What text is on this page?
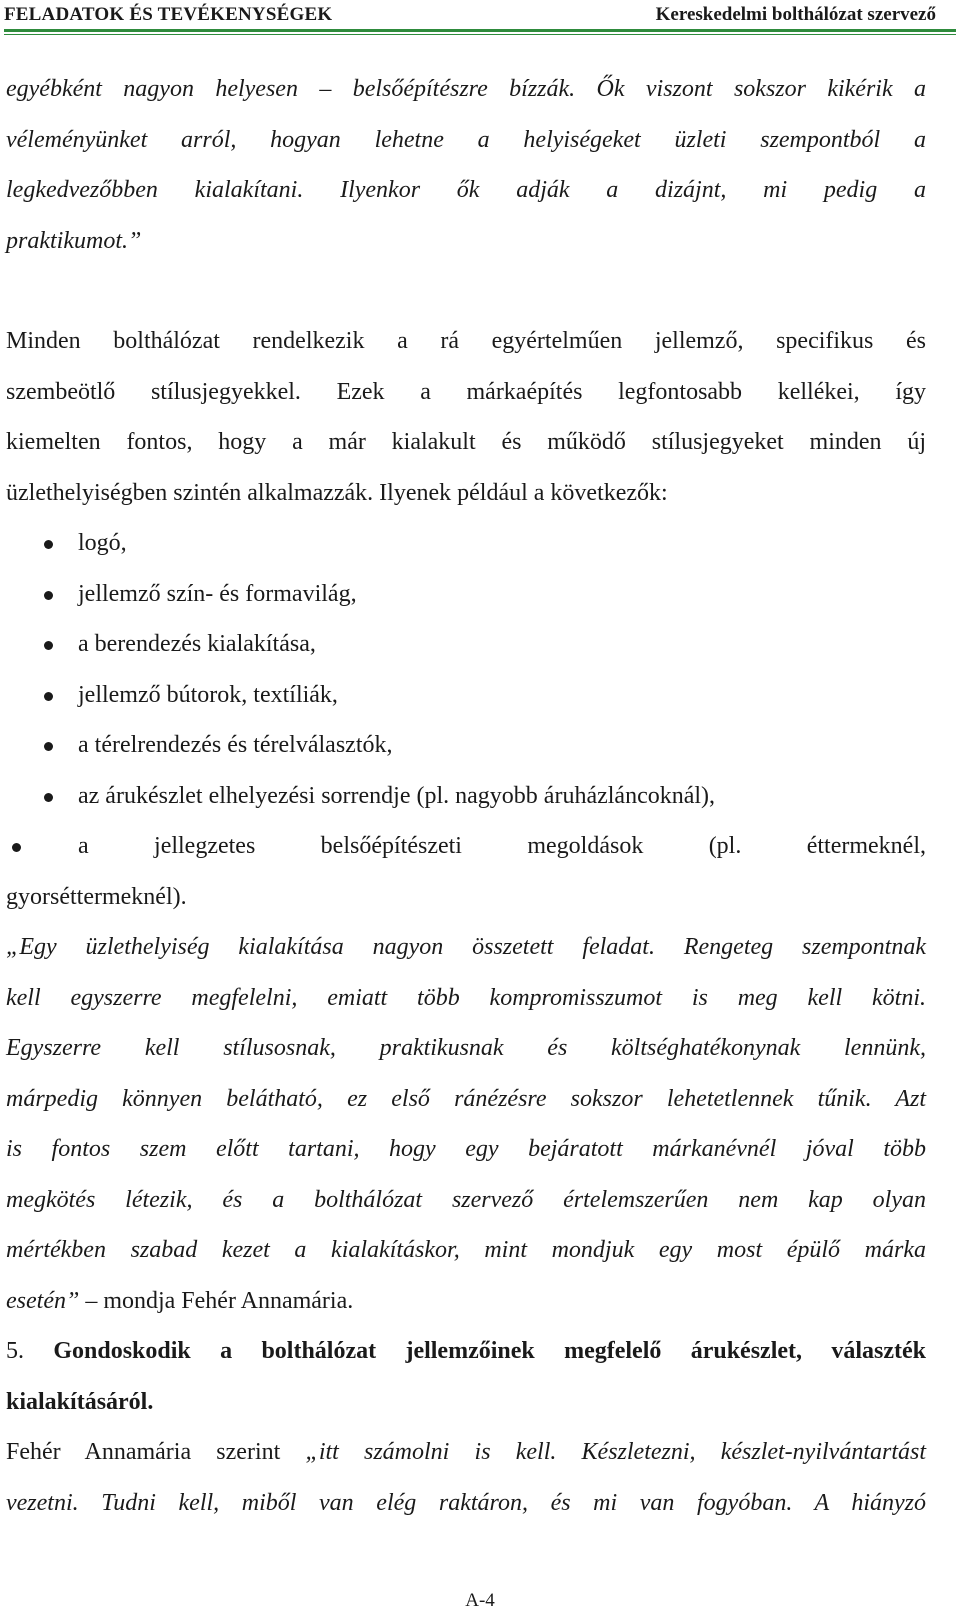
FELADATOK ÉS TEVÉKENYSÉGEK	Kereskedelmi bolthálózat szervező

egyébként nagyon helyesen – belsőépítészre bízzák. Ők viszont sokszor kikérik a
véleményünket arról, hogyan lehetne a helyiségeket üzleti szempontból a
legkedvezőbben kialakítani. Ilyenkor ők adják a dizájnt, mi pedig a
praktikumot.”

Minden bolthálózat rendelkezik a rá egyértelműen jellemző, specifikus és
szembeötlő stílusjegyekkel. Ezek a márkaépítés legfontosabb kellékei, így
kiemelten fontos, hogy a már kialakult és működő stílusjegyeket minden új
üzlethelyiségben szintén alkalmazzák. Ilyenek például a következők:

logó,
jellemző szín- és formavilág,
a berendezés kialakítása,
jellemző bútorok, textíliák,
a térelrendezés és térelválasztók,
az árukészlet elhelyezési sorrendje (pl. nagyobb áruházláncoknál),
a jellegzetes belsőépítészeti megoldások (pl. éttermeknél,
gyorséttermeknél).

„Egy üzlethelyiség kialakítása nagyon összetett feladat. Rengeteg szempontnak
kell egyszerre megfelelni, emiatt több kompromisszumot is meg kell kötni.
Egyszerre kell stílusosnak, praktikusnak és költséghatékonynak lennünk,
márpedig könnyen belátható, ez első ránézésre sokszor lehetetlennek tűnik. Azt
is fontos szem előtt tartani, hogy egy bejáratott márkanévnél jóval több
megkötés létezik, és a bolthálózat szervező értelemszerűen nem kap olyan
mértékben szabad kezet a kialakításkor, mint mondjuk egy most épülő márka
esetén” – mondja Fehér Annamária.

5. Gondoskodik a bolthálózat jellemzőinek megfelelő árukészlet, választék
kialakításáról.

Fehér Annamária szerint „itt számolni is kell. Készletezni, készlet-nyilvántartást
vezetni. Tudni kell, miből van elég raktáron, és mi van fogyóban. A hiányzó

A-4
